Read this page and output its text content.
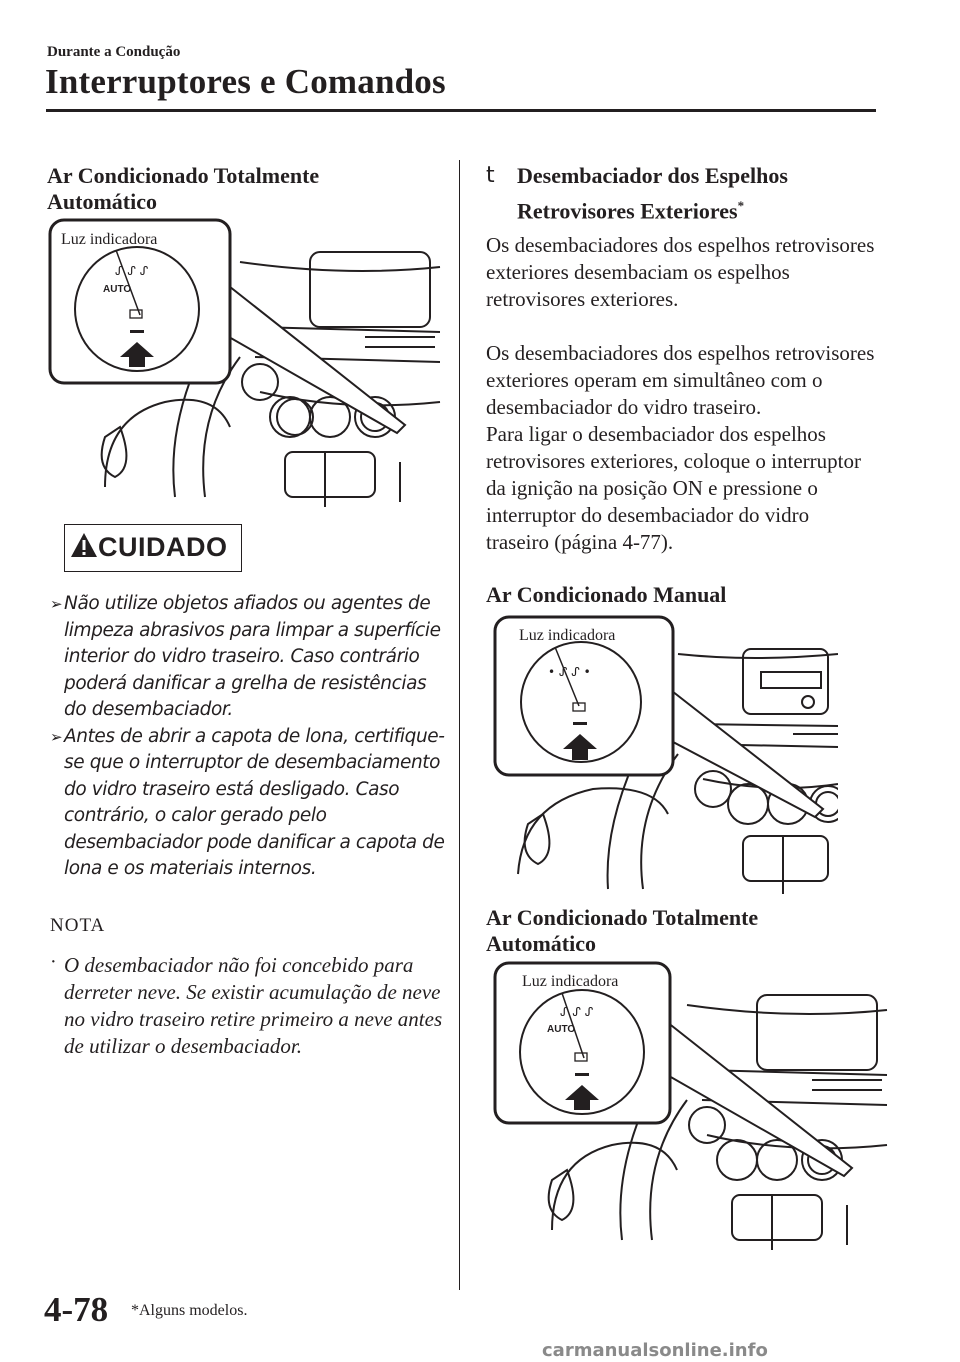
Durante a Condução
Interruptores e Comandos
Ar Condicionado Totalmente Automático
AUTO
ᔑ ᔑ ᔑ
Luz indicadora
CUIDADO
➢ Não utilize objetos afiados ou agentes de limpeza abrasivos para limpar a superfície interior do vidro traseiro. Caso contrário poderá danificar a grelha de resistências do desembaciador.
➢ Antes de abrir a capota de lona, certifique-se que o interruptor de desembaciamento do vidro traseiro está desligado. Caso contrário, o calor gerado pelo desembaciador pode danificar a capota de lona e os materiais internos.
NOTA
· O desembaciador não foi concebido para derreter neve. Se existir acumulação de neve no vidro traseiro retire primeiro a neve antes de utilizar o desembaciador.
t Desembaciador dos Espelhos
Retrovisores Exteriores*

Os desembaciadores dos espelhos retrovisores exteriores desembaciam os espelhos retrovisores exteriores.

Os desembaciadores dos espelhos retrovisores exteriores operam em simultâneo com o desembaciador do vidro traseiro.

Para ligar o desembaciador dos espelhos retrovisores exteriores, coloque o interruptor da ignição na posição ON e pressione o interruptor do desembaciador do vidro traseiro (página 4-77).

Ar Condicionado Manual
• ᔑ ᔑ •
Luz indicadora
Ar Condicionado Totalmente Automático
AUTO
ᔑ ᔑ ᔑ
Luz indicadora
4-78 *Alguns modelos.
carmanualsonline.info
